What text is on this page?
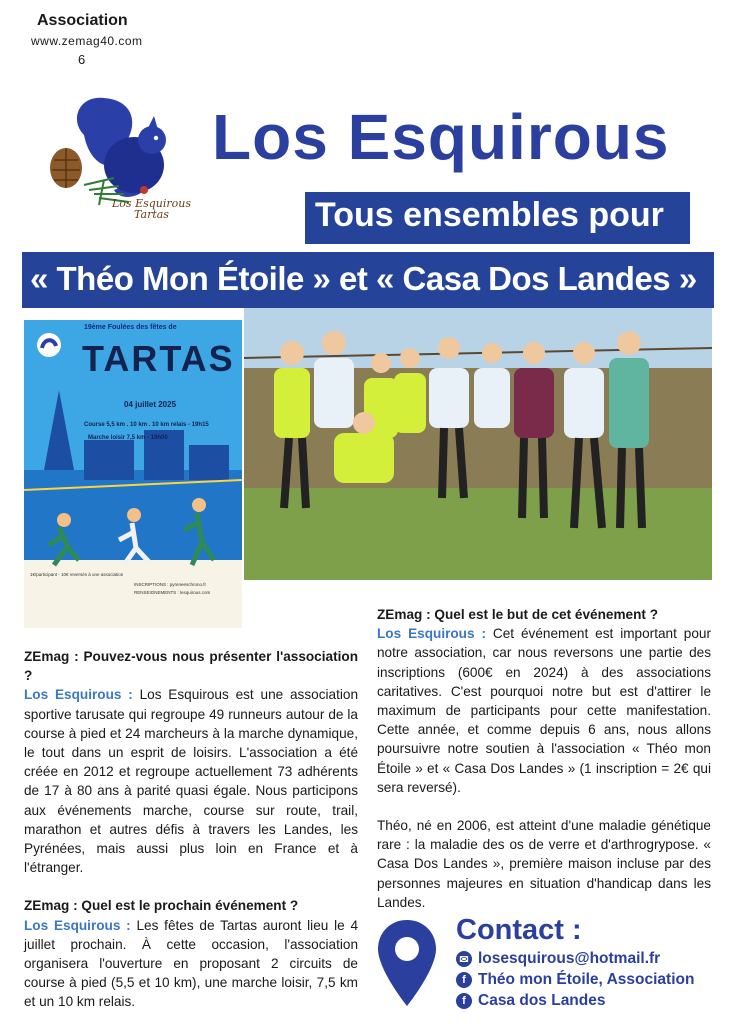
Association
www.zemag40.com
6
Los Esquirous
Tartas
Los Esquirous
Tous ensembles pour
« Théo Mon Étoile » et « Casa Dos Landes »
19ème Foulées des fêtes de
TARTAS
04 juillet 2025
Course 5,5 km . 10 km . 10 km relais - 19h15
Marche loisir 7,5 km - 19h00
1€/participant - 10€ reversés à une association
INSCRIPTIONS : pyreneeschrono.fr
RENSEIGNEMENTS : lesquirous.com
ZEmag : Pouvez-vous nous présenter l'association ?
Los Esquirous : Los Esquirous est une association sportive tarusate qui regroupe 49 runneurs autour de la course à pied et 24 marcheurs à la marche dynamique, le tout dans un esprit de loisirs. L'association a été créée en 2012 et regroupe actuellement 73 adhérents de 17 à 80 ans à parité quasi égale. Nous participons aux événements marche, course sur route, trail, marathon et autres défis à travers les Landes, les Pyrénées, mais aussi plus loin en France et à l'étranger.
ZEmag : Quel est le prochain événement ?
Los Esquirous : Les fêtes de Tartas auront lieu le 4 juillet prochain. À cette occasion, l'association organisera l'ouverture en proposant 2 circuits de course à pied (5,5 et 10 km), une marche loisir, 7,5 km et un 10 km relais.
ZEmag : Quel est le but de cet événement ?
Los Esquirous : Cet événement est important pour notre association, car nous reversons une partie des inscriptions (600€ en 2024) à des associations caritatives. C'est pourquoi notre but est d'attirer le maximum de participants pour cette manifestation. Cette année, et comme depuis 6 ans, nous allons poursuivre notre soutien à l'association « Théo mon Étoile » et « Casa Dos Landes » (1 inscription = 2€ qui sera reversé).
Théo, né en 2006, est atteint d'une maladie génétique rare : la maladie des os de verre et d'arthrogrypose. « Casa Dos Landes », première maison incluse par des personnes majeures en situation d'handicap dans les Landes.
Contact :
✉ losesquirous@hotmail.fr
f Théo mon Étoile, Association
f Casa dos Landes
